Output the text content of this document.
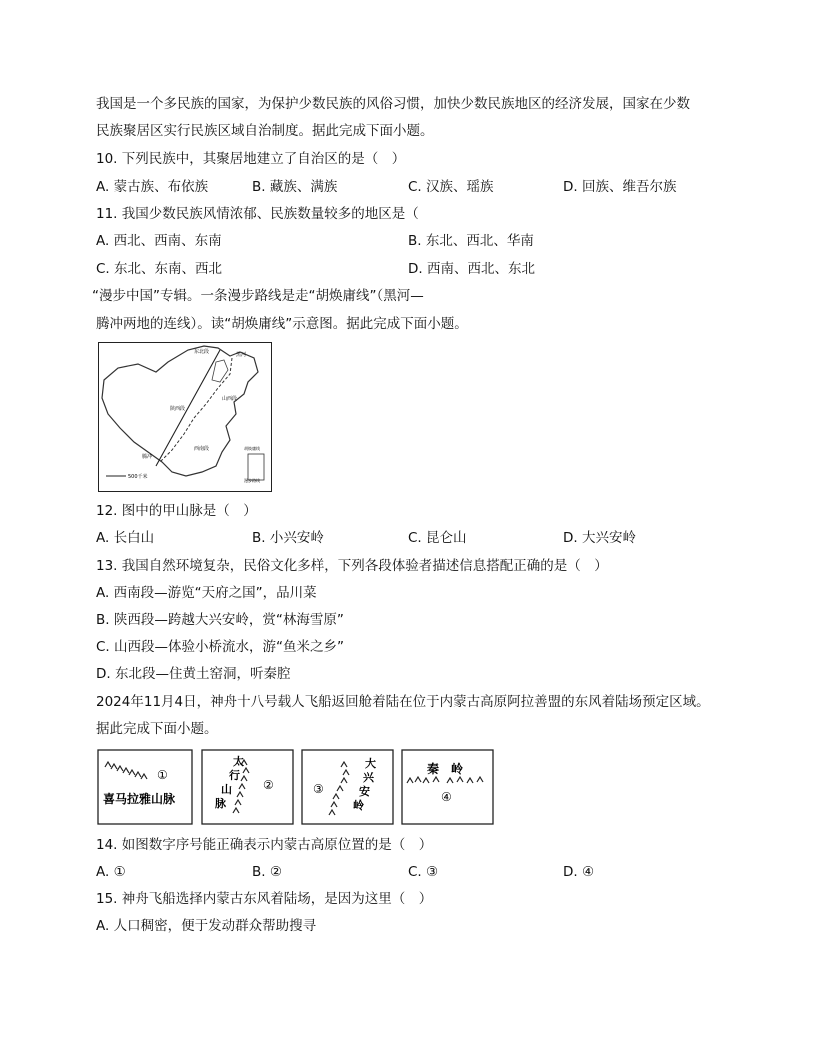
我国是一个多民族的国家，为保护少数民族的风俗习惯，加快少数民族地区的经济发展，国家在少数
民族聚居区实行民族区域自治制度。据此完成下面小题。
10. 下列民族中，其聚居地建立了自治区的是（　）
A. 蒙古族、布依族	B. 藏族、满族	C. 汉族、瑶族	D. 回族、维吾尔族
11. 我国少数民族风情浓郁、民族数量较多的地区是（
A. 西北、西南、东南	B. 东北、西北、华南
C. 东北、东南、西北	D. 西南、西北、东北
“漫步中国”专辑。一条漫步路线是走“胡焕庸线”（黑河—
腾冲两地的连线）。读“胡焕庸线”示意图。据此完成下面小题。
500千米
东北段	黑河
陕西段
山西段
西南段
腾冲
胡焕庸线
漫步路线
12. 图中的甲山脉是（　）
A. 长白山	B. 小兴安岭	C. 昆仑山	D. 大兴安岭
13. 我国自然环境复杂，民俗文化多样，下列各段体验者描述信息搭配正确的是（　）
A. 西南段—游览“天府之国”，品川菜
B. 陕西段—跨越大兴安岭，赏“林海雪原”
C. 山西段—体验小桥流水，游“鱼米之乡”
D. 东北段—住黄土窑洞，听秦腔
2024年11月4日，神舟十八号载人飞船返回舱着陆在位于内蒙古高原阿拉善盟的东风着陆场预定区域。
据此完成下面小题。
①
喜马拉雅山脉
太
行
山
脉
②	③
大
兴
安
岭
秦　岭
④
14. 如图数字序号能正确表示内蒙古高原位置的是（　）
A. ①	B. ②	C. ③	D. ④
15. 神舟飞船选择内蒙古东风着陆场，是因为这里（　）
A. 人口稠密，便于发动群众帮助搜寻
